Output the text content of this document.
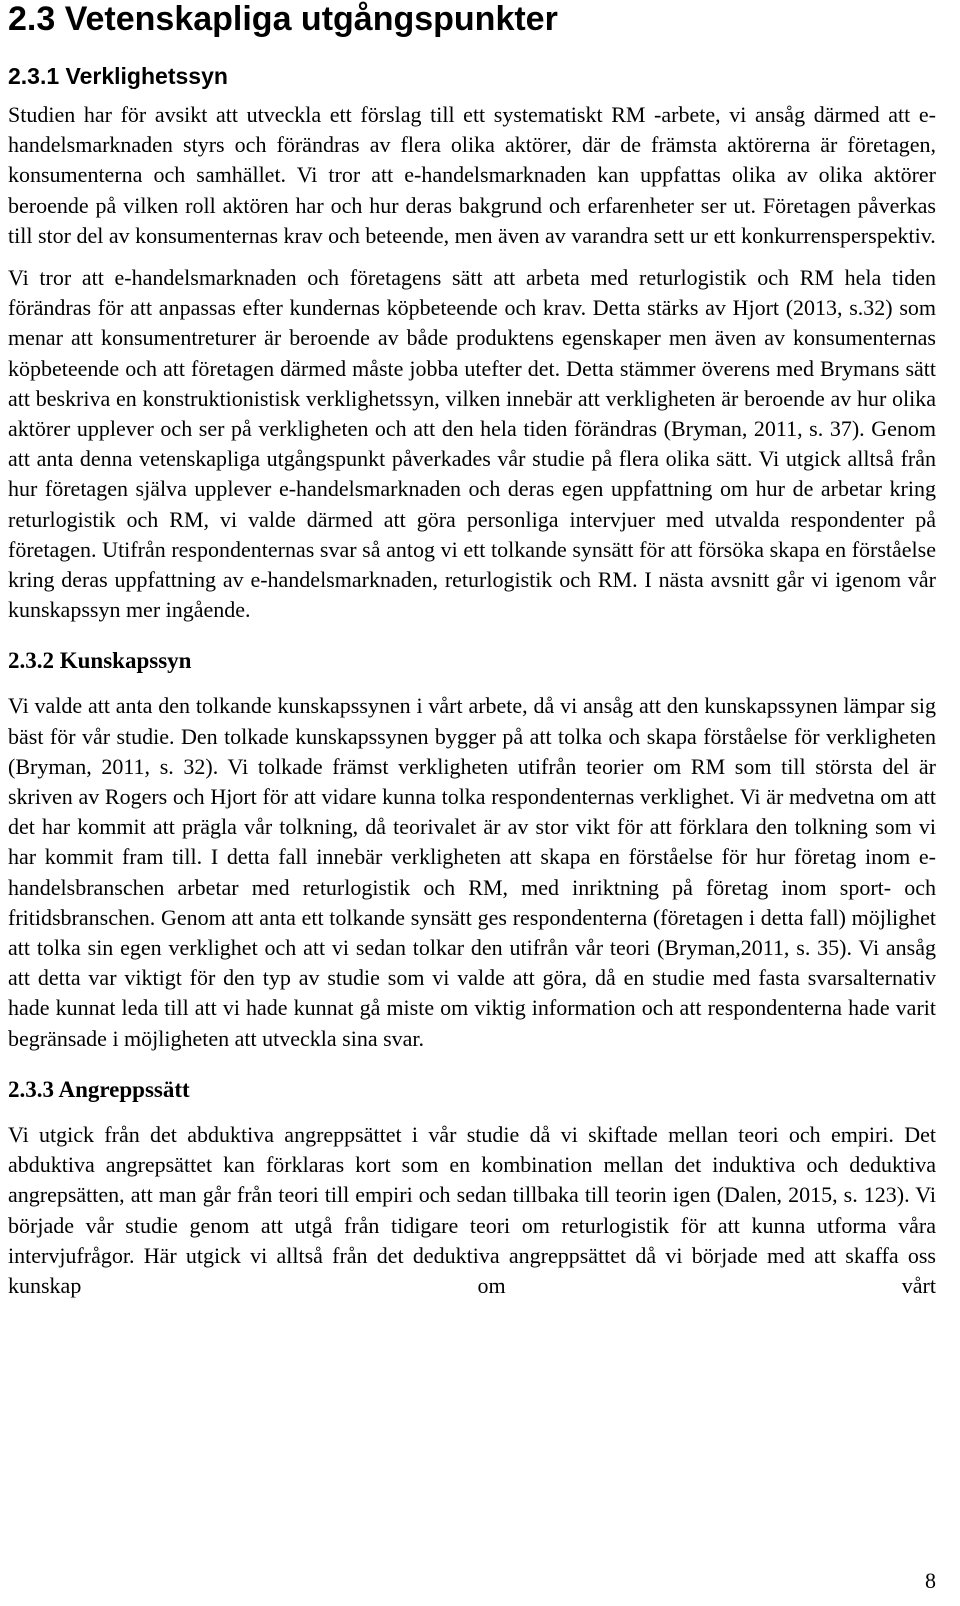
2.3 Vetenskapliga utgångspunkter
2.3.1 Verklighetssyn

Studien har för avsikt att utveckla ett förslag till ett systematiskt RM -arbete, vi ansåg därmed att e-handelsmarknaden styrs och förändras av flera olika aktörer, där de främsta aktörerna är företagen, konsumenterna och samhället. Vi tror att e-handelsmarknaden kan uppfattas olika av olika aktörer beroende på vilken roll aktören har och hur deras bakgrund och erfarenheter ser ut. Företagen påverkas till stor del av konsumenternas krav och beteende, men även av varandra sett ur ett konkurrensperspektiv.

Vi tror att e-handelsmarknaden och företagens sätt att arbeta med returlogistik och RM hela tiden förändras för att anpassas efter kundernas köpbeteende och krav. Detta stärks av Hjort (2013, s.32) som menar att konsumentreturer är beroende av både produktens egenskaper men även av konsumenternas köpbeteende och att företagen därmed måste jobba utefter det. Detta stämmer överens med Brymans sätt att beskriva en konstruktionistisk verklighetssyn, vilken innebär att verkligheten är beroende av hur olika aktörer upplever och ser på verkligheten och att den hela tiden förändras (Bryman, 2011, s. 37). Genom att anta denna vetenskapliga utgångspunkt påverkades vår studie på flera olika sätt. Vi utgick alltså från hur företagen själva upplever e-handelsmarknaden och deras egen uppfattning om hur de arbetar kring returlogistik och RM, vi valde därmed att göra personliga intervjuer med utvalda respondenter på företagen. Utifrån respondenternas svar så antog vi ett tolkande synsätt för att försöka skapa en förståelse kring deras uppfattning av e-handelsmarknaden, returlogistik och RM. I nästa avsnitt går vi igenom vår kunskapssyn mer ingående.

2.3.2 Kunskapssyn

Vi valde att anta den tolkande kunskapssynen i vårt arbete, då vi ansåg att den kunskapssynen lämpar sig bäst för vår studie. Den tolkade kunskapssynen bygger på att tolka och skapa förståelse för verkligheten (Bryman, 2011, s. 32). Vi tolkade främst verkligheten utifrån teorier om RM som till största del är skriven av Rogers och Hjort för att vidare kunna tolka respondenternas verklighet. Vi är medvetna om att det har kommit att prägla vår tolkning, då teorivalet är av stor vikt för att förklara den tolkning som vi har kommit fram till. I detta fall innebär verkligheten att skapa en förståelse för hur företag inom e-handelsbranschen arbetar med returlogistik och RM, med inriktning på företag inom sport- och fritidsbranschen. Genom att anta ett tolkande synsätt ges respondenterna (företagen i detta fall) möjlighet att tolka sin egen verklighet och att vi sedan tolkar den utifrån vår teori (Bryman,2011, s. 35). Vi ansåg att detta var viktigt för den typ av studie som vi valde att göra, då en studie med fasta svarsalternativ hade kunnat leda till att vi hade kunnat gå miste om viktig information och att respondenterna hade varit begränsade i möjligheten att utveckla sina svar.

2.3.3 Angreppssätt

Vi utgick från det abduktiva angreppsättet i vår studie då vi skiftade mellan teori och empiri. Det abduktiva angrepsättet kan förklaras kort som en kombination mellan det induktiva och deduktiva angrepsätten, att man går från teori till empiri och sedan tillbaka till teorin igen (Dalen, 2015, s. 123). Vi började vår studie genom att utgå från tidigare teori om returlogistik för att kunna utforma våra intervjufrågor. Här utgick vi alltså från det deduktiva angreppsättet då vi började med att skaffa oss kunskap om vårt

8
